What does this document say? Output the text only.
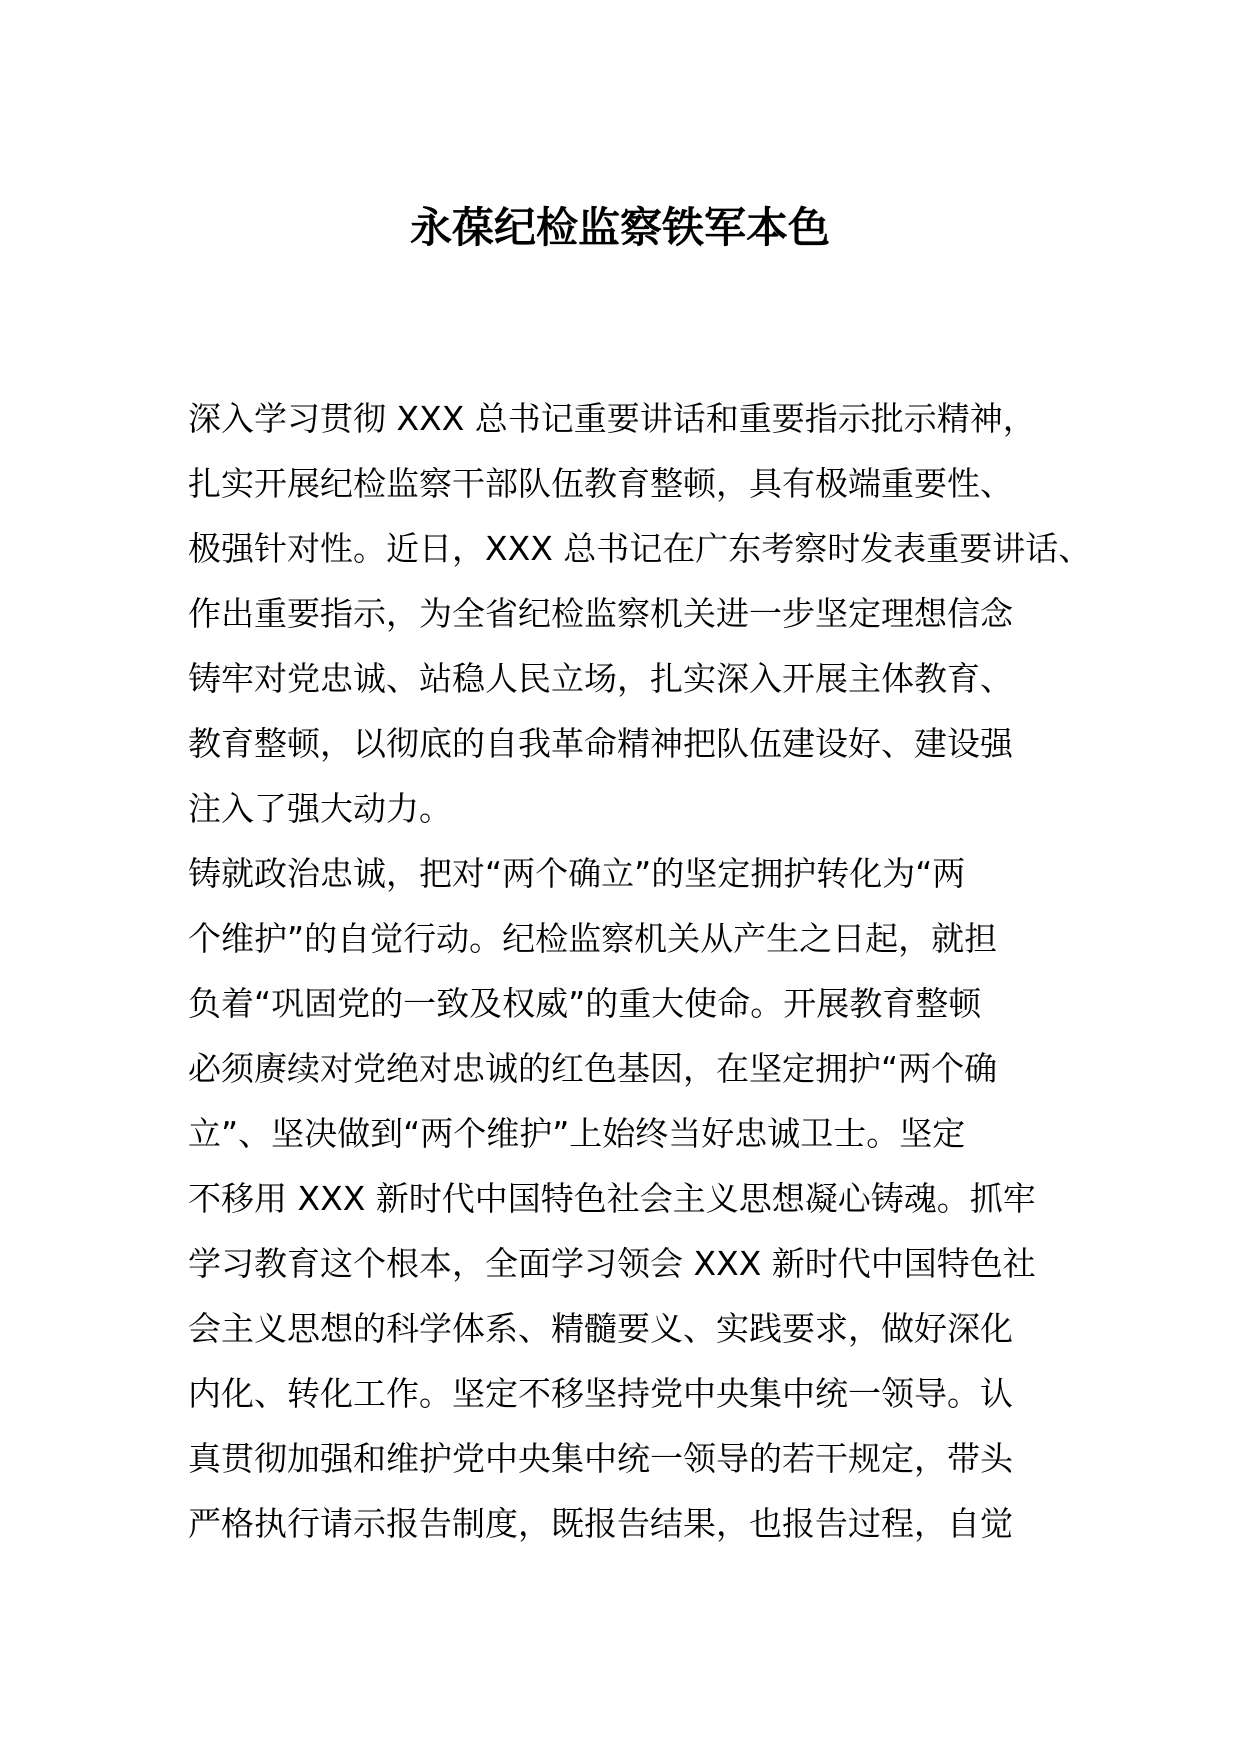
永葆纪检监察铁军本色
深入学习贯彻 XXX 总书记重要讲话和重要指示批示精神，
扎实开展纪检监察干部队伍教育整顿，具有极端重要性、
极强针对性。近日，XXX 总书记在广东考察时发表重要讲话、
作出重要指示，为全省纪检监察机关进一步坚定理想信念
铸牢对党忠诚、站稳人民立场，扎实深入开展主体教育、
教育整顿，以彻底的自我革命精神把队伍建设好、建设强
注入了强大动力。
铸就政治忠诚，把对“两个确立”的坚定拥护转化为“两
个维护”的自觉行动。纪检监察机关从产生之日起，就担
负着“巩固党的一致及权威”的重大使命。开展教育整顿
必须赓续对党绝对忠诚的红色基因，在坚定拥护“两个确
立”、坚决做到“两个维护”上始终当好忠诚卫士。坚定
不移用 XXX 新时代中国特色社会主义思想凝心铸魂。抓牢
学习教育这个根本，全面学习领会 XXX 新时代中国特色社
会主义思想的科学体系、精髓要义、实践要求，做好深化
内化、转化工作。坚定不移坚持党中央集中统一领导。认
真贯彻加强和维护党中央集中统一领导的若干规定，带头
严格执行请示报告制度，既报告结果，也报告过程，自觉
